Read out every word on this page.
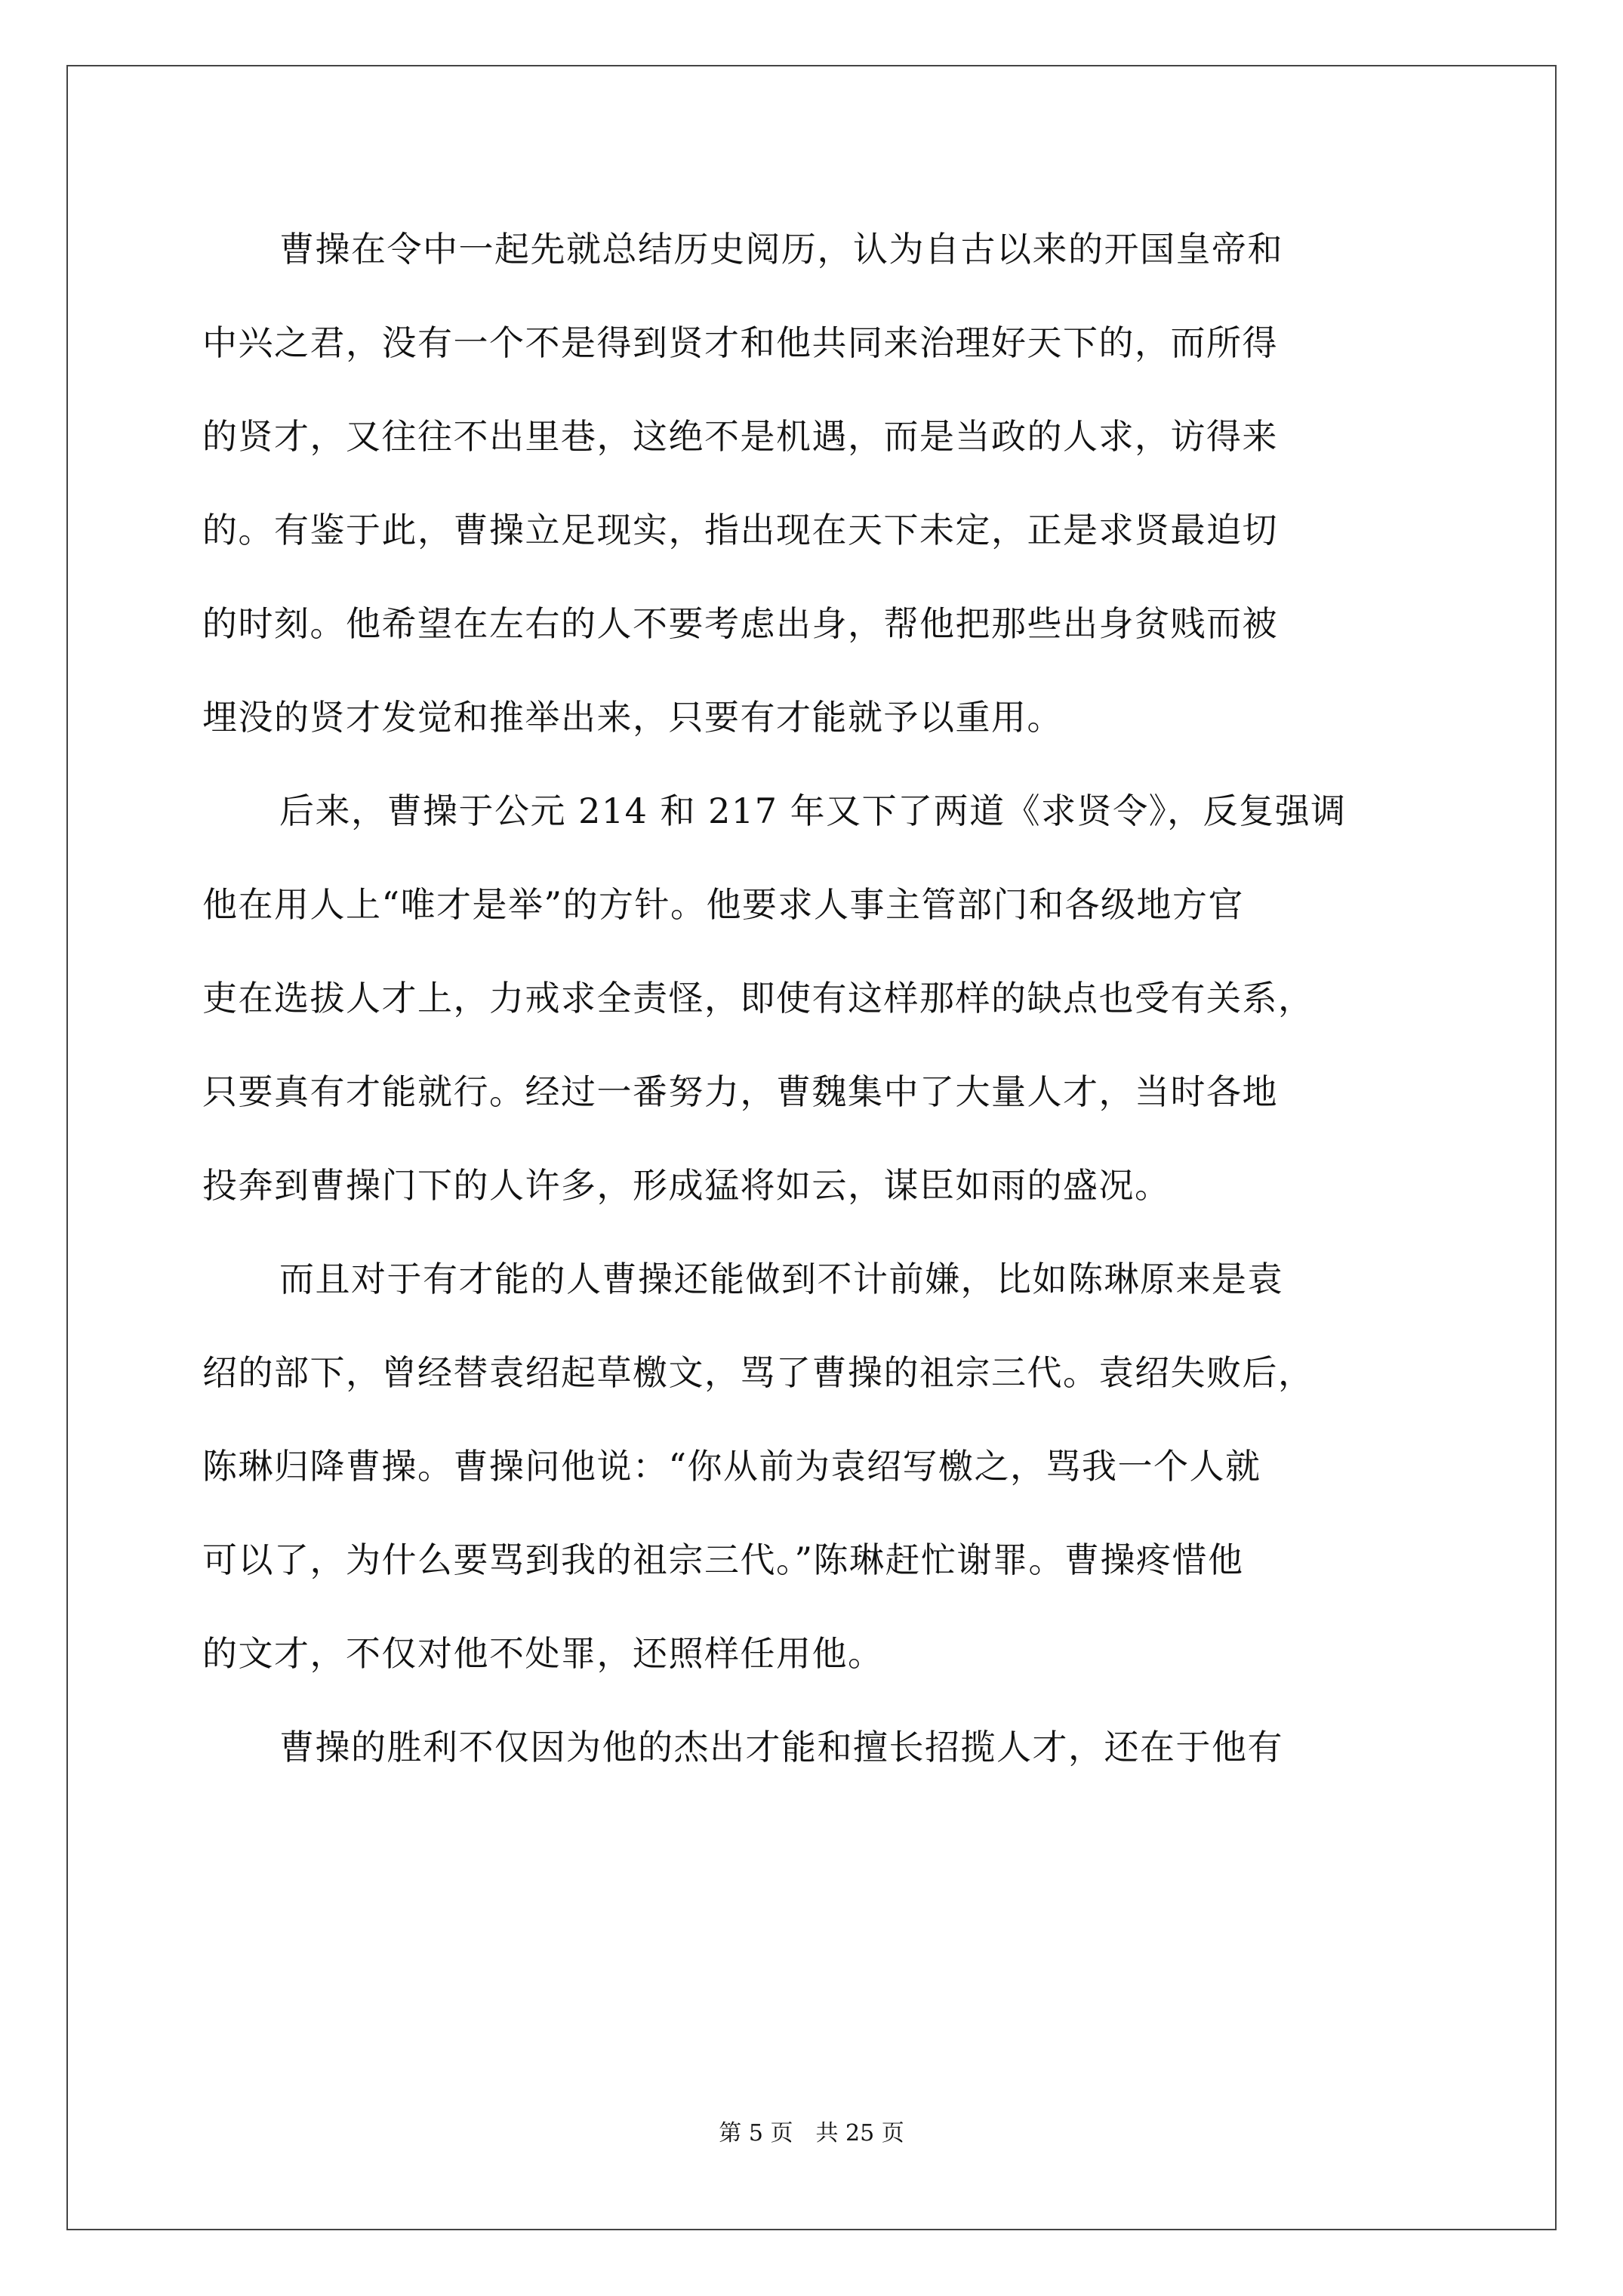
曹操在令中一起先就总结历史阅历，认为自古以来的开国皇帝和
中兴之君，没有一个不是得到贤才和他共同来治理好天下的，而所得
的贤才，又往往不出里巷，这绝不是机遇，而是当政的人求，访得来
的。有鉴于此，曹操立足现实，指出现在天下未定，正是求贤最迫切
的时刻。他希望在左右的人不要考虑出身，帮他把那些出身贫贱而被
埋没的贤才发觉和推举出来，只要有才能就予以重用。
后来，曹操于公元 214 和 217 年又下了两道《求贤令》，反复强调
他在用人上“唯才是举”的方针。他要求人事主管部门和各级地方官
吏在选拔人才上，力戒求全责怪，即使有这样那样的缺点也受有关系，
只要真有才能就行。经过一番努力，曹魏集中了大量人才，当时各地
投奔到曹操门下的人许多，形成猛将如云，谋臣如雨的盛况。
而且对于有才能的人曹操还能做到不计前嫌，比如陈琳原来是袁
绍的部下，曾经替袁绍起草檄文，骂了曹操的祖宗三代。袁绍失败后，
陈琳归降曹操。曹操问他说：“你从前为袁绍写檄之，骂我一个人就
可以了，为什么要骂到我的祖宗三代。”陈琳赶忙谢罪。曹操疼惜他
的文才，不仅对他不处罪，还照样任用他。
曹操的胜利不仅因为他的杰出才能和擅长招揽人才，还在于他有
第 5 页　共 25 页
